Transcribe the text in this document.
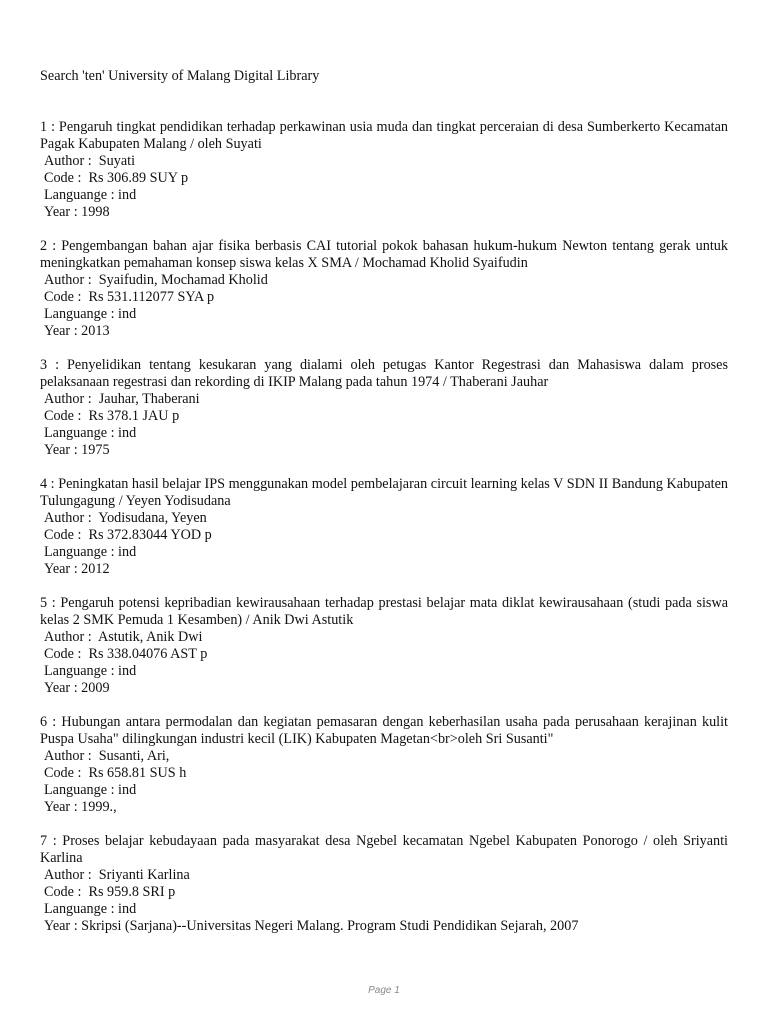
Search 'ten' University of Malang Digital Library
1 : Pengaruh tingkat pendidikan terhadap perkawinan usia muda dan tingkat perceraian di desa Sumberkerto Kecamatan Pagak Kabupaten Malang / oleh Suyati
Author :  Suyati
Code :  Rs 306.89 SUY p
Languange : ind
Year : 1998
2 : Pengembangan bahan ajar fisika berbasis CAI tutorial pokok bahasan hukum-hukum Newton tentang gerak untuk meningkatkan pemahaman konsep siswa kelas X SMA / Mochamad Kholid Syaifudin
Author :  Syaifudin, Mochamad Kholid
Code :  Rs 531.112077 SYA p
Languange : ind
Year : 2013
3 : Penyelidikan tentang kesukaran yang dialami oleh petugas Kantor Regestrasi dan Mahasiswa dalam proses pelaksanaan regestrasi dan rekording di IKIP Malang pada tahun 1974 / Thaberani Jauhar
Author :  Jauhar, Thaberani
Code :  Rs 378.1 JAU p
Languange : ind
Year : 1975
4 : Peningkatan hasil belajar IPS menggunakan model pembelajaran circuit learning kelas V SDN II Bandung Kabupaten Tulungagung / Yeyen Yodisudana
Author :  Yodisudana, Yeyen
Code :  Rs 372.83044 YOD p
Languange : ind
Year : 2012
5 : Pengaruh potensi kepribadian kewirausahaan terhadap prestasi belajar mata diklat kewirausahaan (studi pada siswa kelas 2 SMK Pemuda 1 Kesamben) / Anik Dwi Astutik
Author :  Astutik, Anik Dwi
Code :  Rs 338.04076 AST p
Languange : ind
Year : 2009
6 : Hubungan antara permodalan dan kegiatan pemasaran dengan keberhasilan usaha pada perusahaan kerajinan kulit Puspa Usaha" dilingkungan industri kecil (LIK) Kabupaten Magetan<br>oleh Sri Susanti"
Author :  Susanti, Ari,
Code :  Rs 658.81 SUS h
Languange : ind
Year : 1999.,
7 : Proses belajar kebudayaan pada masyarakat desa Ngebel kecamatan Ngebel Kabupaten Ponorogo / oleh Sriyanti Karlina
Author :  Sriyanti Karlina
Code :  Rs 959.8 SRI p
Languange : ind
Year : Skripsi (Sarjana)--Universitas Negeri Malang. Program Studi Pendidikan Sejarah, 2007
Page 1
